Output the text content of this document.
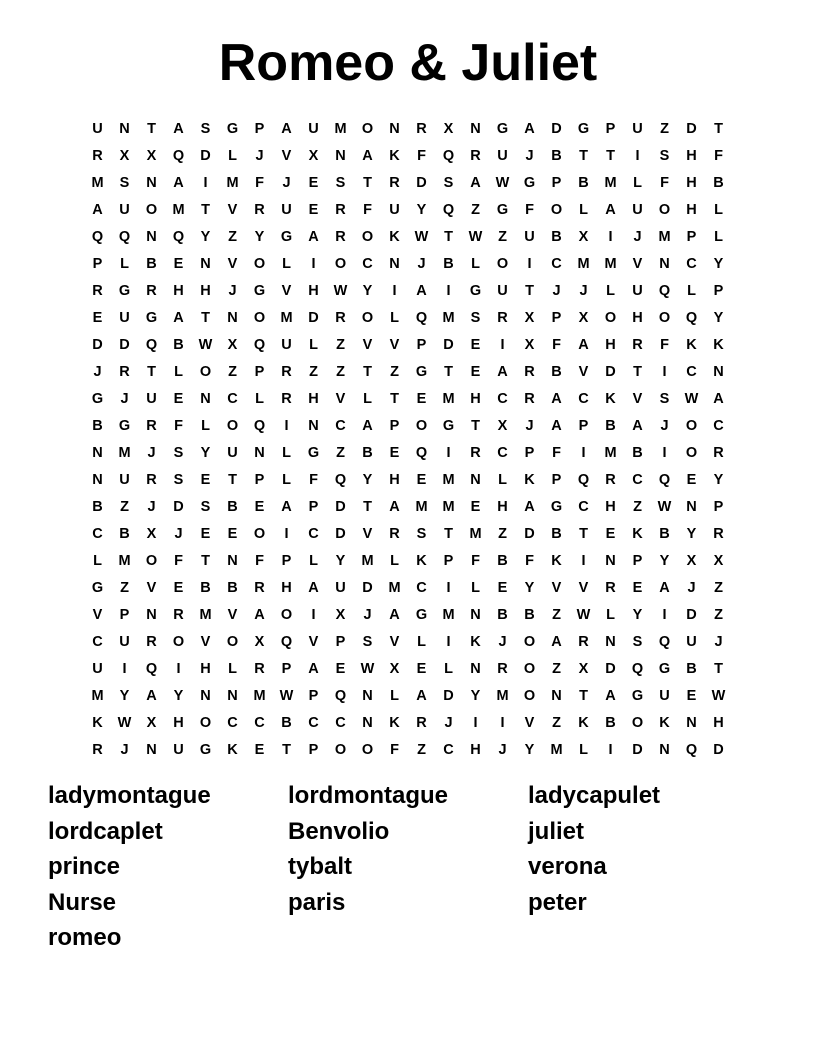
Romeo & Juliet
U	N	T	A	S	G	P	A	U	M	O	N	R	X	N	G	A	D	G	P	U	Z	D	T
R	X	X	Q	D	L	J	V	X	N	A	K	F	Q	R	U	J	B	T	T	I	S	H	F
M	S	N	A	I	M	F	J	E	S	T	R	D	S	A	W	G	P	B	M	L	F	H	B
A	U	O	M	T	V	R	U	E	R	F	U	Y	Q	Z	G	F	O	L	A	U	O	H	L
Q	Q	N	Q	Y	Z	Y	G	A	R	O	K	W	T	W	Z	U	B	X	I	J	M	P	L
P	L	B	E	N	V	O	L	I	O	C	N	J	B	L	O	I	C	M	M	V	N	C	Y
R	G	R	H	H	J	G	V	H	W	Y	I	A	I	G	U	T	J	J	L	U	Q	L	P
E	U	G	A	T	N	O	M	D	R	O	L	Q	M	S	R	X	P	X	O	H	O	Q	Y
D	D	Q	B	W	X	Q	U	L	Z	V	V	P	D	E	I	X	F	A	H	R	F	K	K
J	R	T	L	O	Z	P	R	Z	Z	T	Z	G	T	E	A	R	B	V	D	T	I	C	N
G	J	U	E	N	C	L	R	H	V	L	T	E	M	H	C	R	A	C	K	V	S	W	A
B	G	R	F	L	O	Q	I	N	C	A	P	O	G	T	X	J	A	P	B	A	J	O	C
N	M	J	S	Y	U	N	L	G	Z	B	E	Q	I	R	C	P	F	I	M	B	I	O	R
N	U	R	S	E	T	P	L	F	Q	Y	H	E	M	N	L	K	P	Q	R	C	Q	E	Y
B	Z	J	D	S	B	E	A	P	D	T	A	M	M	E	H	A	G	C	H	Z	W	N	P
C	B	X	J	E	E	O	I	C	D	V	R	S	T	M	Z	D	B	T	E	K	B	Y	R
L	M	O	F	T	N	F	P	L	Y	M	L	K	P	F	B	F	K	I	N	P	Y	X	X
G	Z	V	E	B	B	R	H	A	U	D	M	C	I	L	E	Y	V	V	R	E	A	J	Z
V	P	N	R	M	V	A	O	I	X	J	A	G	M	N	B	B	Z	W	L	Y	I	D	Z
C	U	R	O	V	O	X	Q	V	P	S	V	L	I	K	J	O	A	R	N	S	Q	U	J
U	I	Q	I	H	L	R	P	A	E	W	X	E	L	N	R	O	Z	X	D	Q	G	B	T
M	Y	A	Y	N	N	M W	P	Q	N	L	A	D	Y	M	O	N	T	A	G	U	E	W
K	W	X	H	O	C	C	B	C	C	N	K	R	J	I	I	V	Z	K	B	O	K	N	H
R	J	N	U	G	K	E	T	P	O	O	F	Z	C	H	J	Y	M	L	I	D	N	Q	D
ladymontague	lordmontague	ladycapulet
lordcaplet	Benvolio	juliet
prince	tybalt	verona
Nurse	paris	peter
romeo
